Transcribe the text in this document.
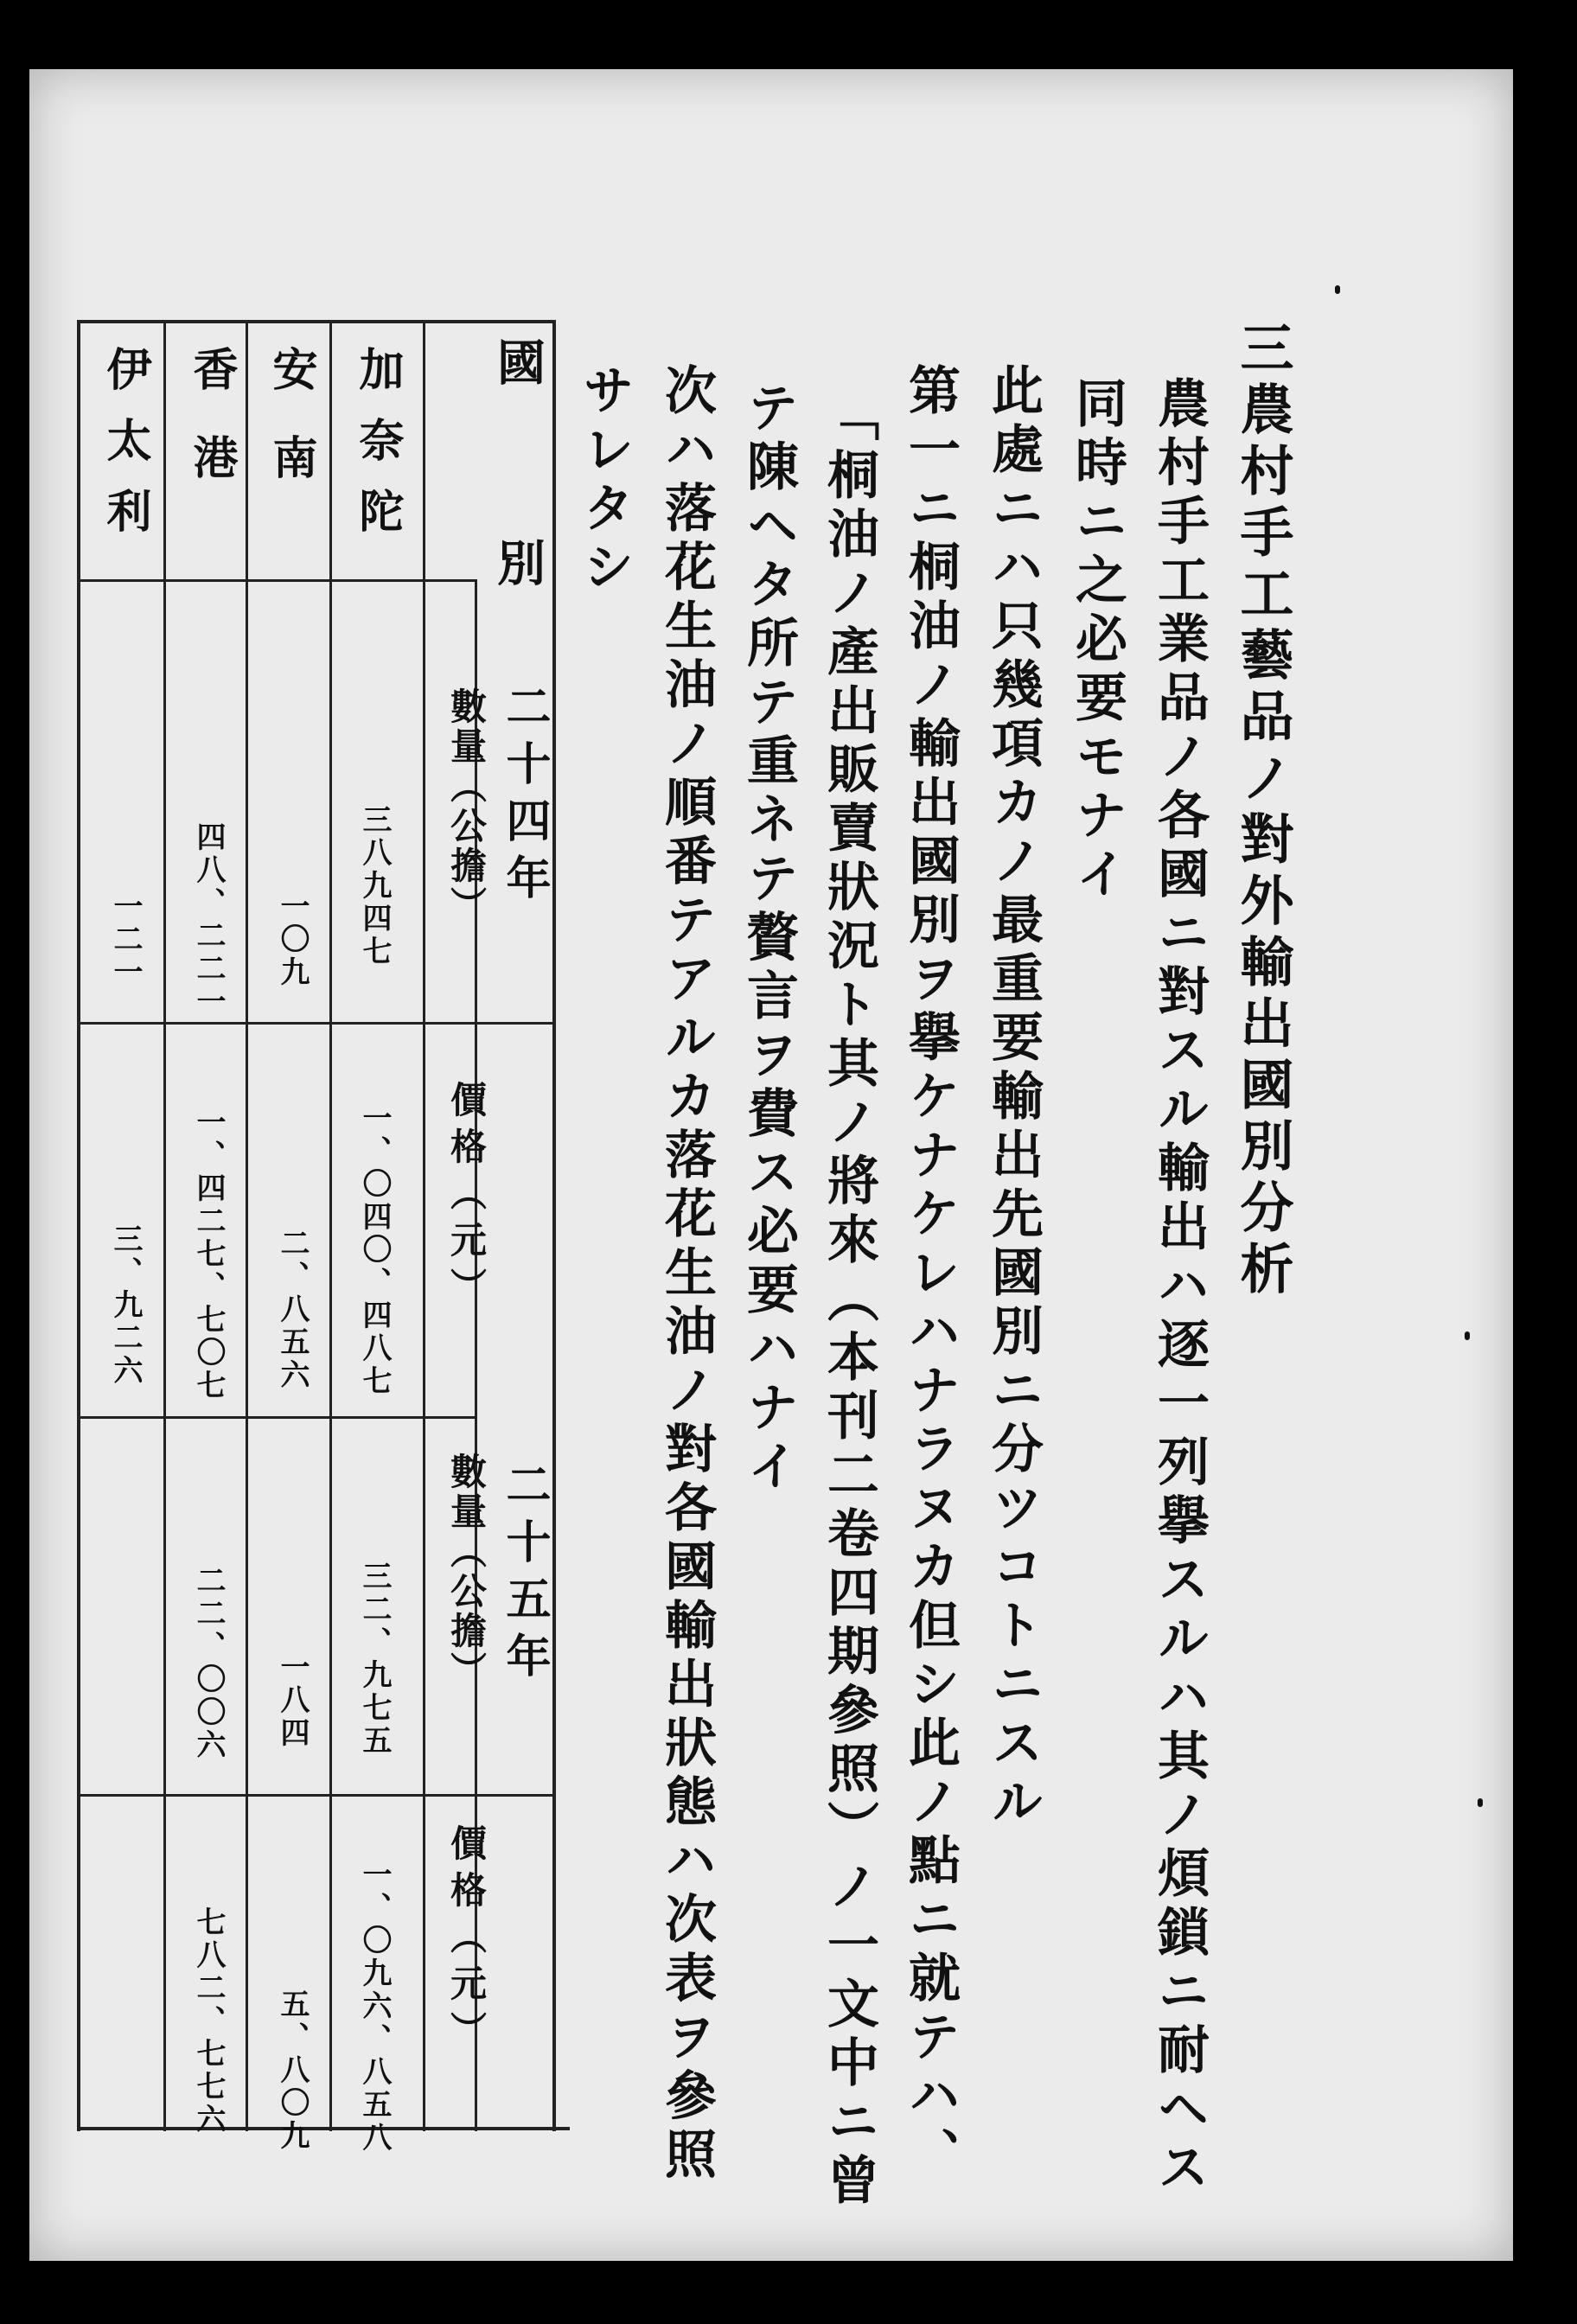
三農村手工藝品ノ對外輸出國別分析
農村手工業品ノ各國ニ對スル輸出ハ逐一列擧スルハ其ノ煩鎖ニ耐ヘス
同時ニ之必要モナイ
此處ニハ只幾項カノ最重要輸出先國別ニ分ツコトニスル
第一ニ桐油ノ輸出國別ヲ擧ケナケレハナラヌカ但シ此ノ點ニ就テハ、
「桐油ノ產出販賣狀況ト其ノ將來（本刊二卷四期參照）ノ一文中ニ曾
テ陳ヘタ所テ重ネテ贅言ヲ費ス必要ハナイ
次ハ落花生油ノ順番テアルカ落花生油ノ對各國輸出狀態ハ次表ヲ參照
サレタシ
國　別
二十四年
二十五年
數量（公擔）
價格（元）
數量（公擔）
價格（元）
加奈陀
安南
香港
伊太利
三八九四七
一、〇四〇、四八七
三二、九七五
一、〇九六、八五八
一〇九
二、八五六
一八四
五、八〇九
四八、二二一
一、四二七、七〇七
二二、〇〇六
七八二、七七六
一二一
三、九二六
